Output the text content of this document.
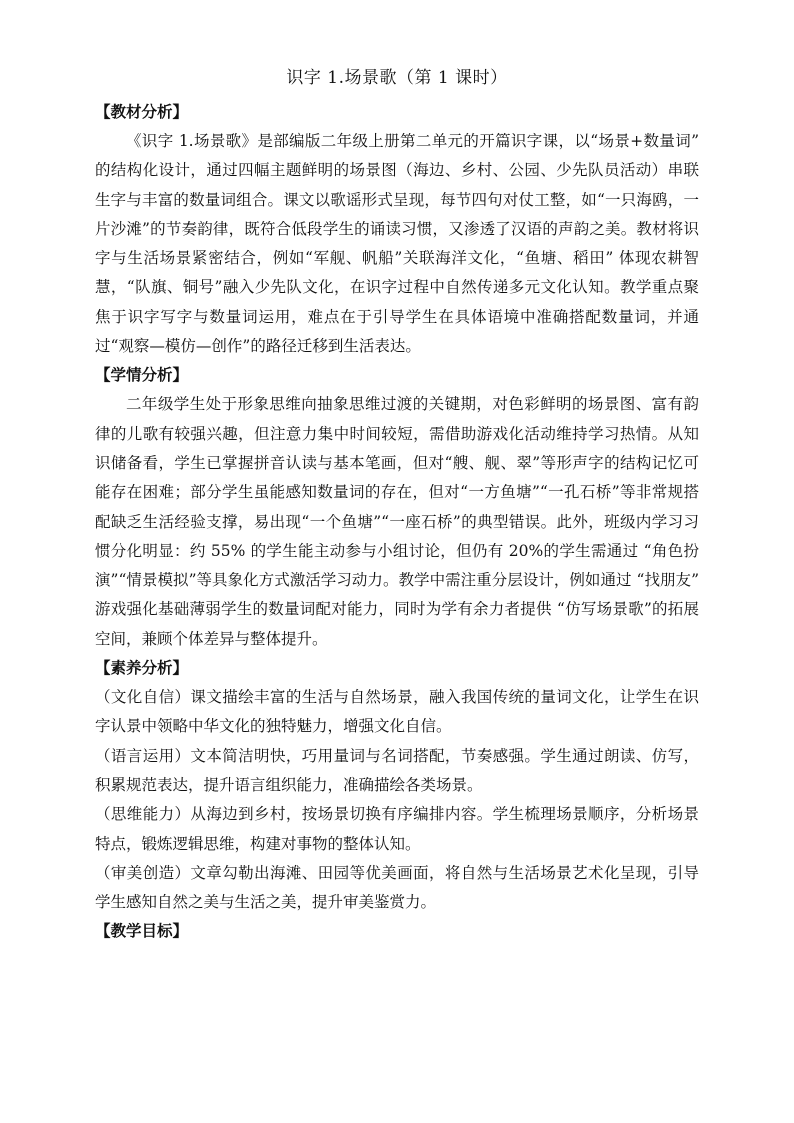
识字 1.场景歌（第 1 课时）

【教材分析】

《识字 1.场景歌》是部编版二年级上册第二单元的开篇识字课，以“场景+数量词” 的结构化设计，通过四幅主题鲜明的场景图（海边、乡村、公园、少先队员活动）串联 生字与丰富的数量词组合。课文以歌谣形式呈现，每节四句对仗工整，如“一只海鸥，一片沙滩”的节奏韵律，既符合低段学生的诵读习惯，又渗透了汉语的声韵之美。教材将识字与生活场景紧密结合，例如“军舰、帆船”关联海洋文化，“鱼塘、稻田” 体现农耕智慧，“队旗、铜号”融入少先队文化，在识字过程中自然传递多元文化认知。教学重点聚焦于识字写字与数量词运用，难点在于引导学生在具体语境中准确搭配数量词，并通过“观察—模仿—创作”的路径迁移到生活表达。

【学情分析】

二年级学生处于形象思维向抽象思维过渡的关键期，对色彩鲜明的场景图、富有韵律的儿歌有较强兴趣，但注意力集中时间较短，需借助游戏化活动维持学习热情。从知识储备看，学生已掌握拼音认读与基本笔画，但对“艘、舰、翠”等形声字的结构记忆可能存在困难；部分学生虽能感知数量词的存在，但对“一方鱼塘”“一孔石桥”等非常规搭配缺乏生活经验支撑，易出现“一个鱼塘”“一座石桥”的典型错误。此外，班级内学习习惯分化明显：约 55% 的学生能主动参与小组讨论，但仍有 20%的学生需通过 “角色扮演”“情景模拟”等具象化方式激活学习动力。教学中需注重分层设计，例如通过 “找朋友” 游戏强化基础薄弱学生的数量词配对能力，同时为学有余力者提供 “仿写场景歌”的拓展空间，兼顾个体差异与整体提升。

【素养分析】

（文化自信）课文描绘丰富的生活与自然场景，融入我国传统的量词文化，让学生在识字认景中领略中华文化的独特魅力，增强文化自信。

（语言运用）文本简洁明快，巧用量词与名词搭配，节奏感强。学生通过朗读、仿写，积累规范表达，提升语言组织能力，准确描绘各类场景。

（思维能力）从海边到乡村，按场景切换有序编排内容。学生梳理场景顺序，分析场景特点，锻炼逻辑思维，构建对事物的整体认知。

（审美创造）文章勾勒出海滩、田园等优美画面，将自然与生活场景艺术化呈现，引导学生感知自然之美与生活之美，提升审美鉴赏力。

【教学目标】
